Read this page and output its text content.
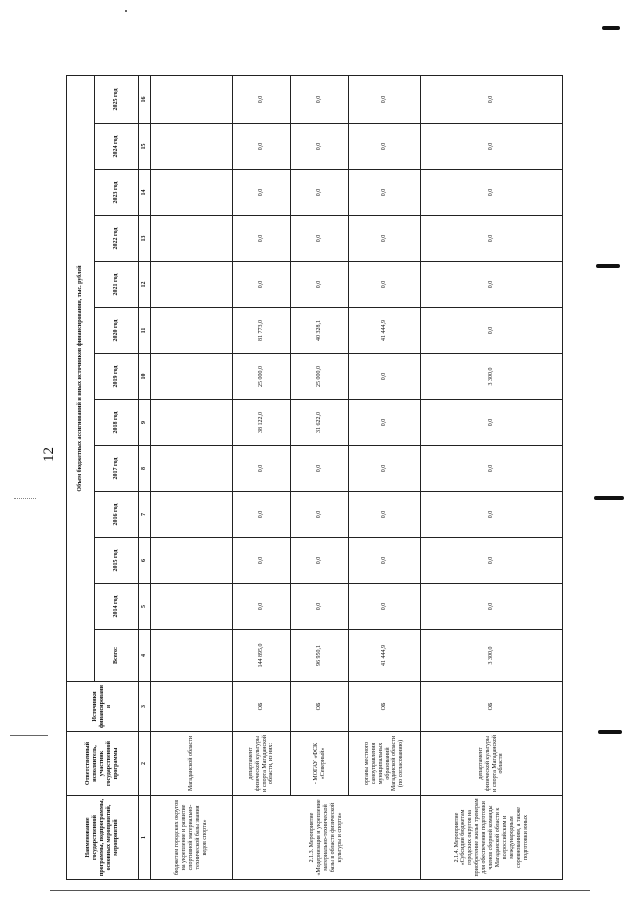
12
Наименование государственной программы, подпрограммы, основных мероприятий, мероприятий	Ответственный исполнитель, участник государственной программы	Источники финансирования	Объем бюджетных ассигнований и иных источников финансирования, тыс. рублей												
			Всего:	2014 год	2015 год	2016 год	2017 год	2018 год	2019 год	2020 год	2021 год	2022 год	2023 год	2024 год	2025 год
1	2	3	4	5	6	7	8	9	10	11	12	13	14	15	16
бюджетам городских округов на укрепление и развитие спортивной материально-технической базы звания ведов спорта»	Магаданской области														
2.1.3. Мероприятие «Модернизация и укрепление материально-технической базы в области физической культуры и спорта»	департамент физической культуры и спорта Магаданской области, из них:	ОБ	144 895,0	0,0	0,0	0,0	0,0	38 122,0	25 000,0	81 773,0	0,0	0,0	0,0	0,0	0,0
	- МОГАУ «ФСК «Северный»	ОБ	96 950,1	0,0	0,0	0,0	0,0	31 622,0	25 000,0	40 328,1	0,0	0,0	0,0	0,0	0,0
	органы местного самоуправления муниципальных образований Магаданской области (по согласованию)	ОБ	41 444,9	0,0	0,0	0,0	0,0	0,0	0,0	41 444,9	0,0	0,0	0,0	0,0	0,0
2.1.4. Мероприятие «Субсидии бюджетам городских округов на приобретение жилья тренерам для обеспечения подготовки членов сборной команды Магаданской области к всероссийским и международным соревнованиям, а также подготовки юных	департамент физической культуры и спорта Магаданской области	ОБ	3 300,0	0,0	0,0	0,0	0,0	0,0	3 300,0	0,0	0,0	0,0	0,0	0,0	0,0
